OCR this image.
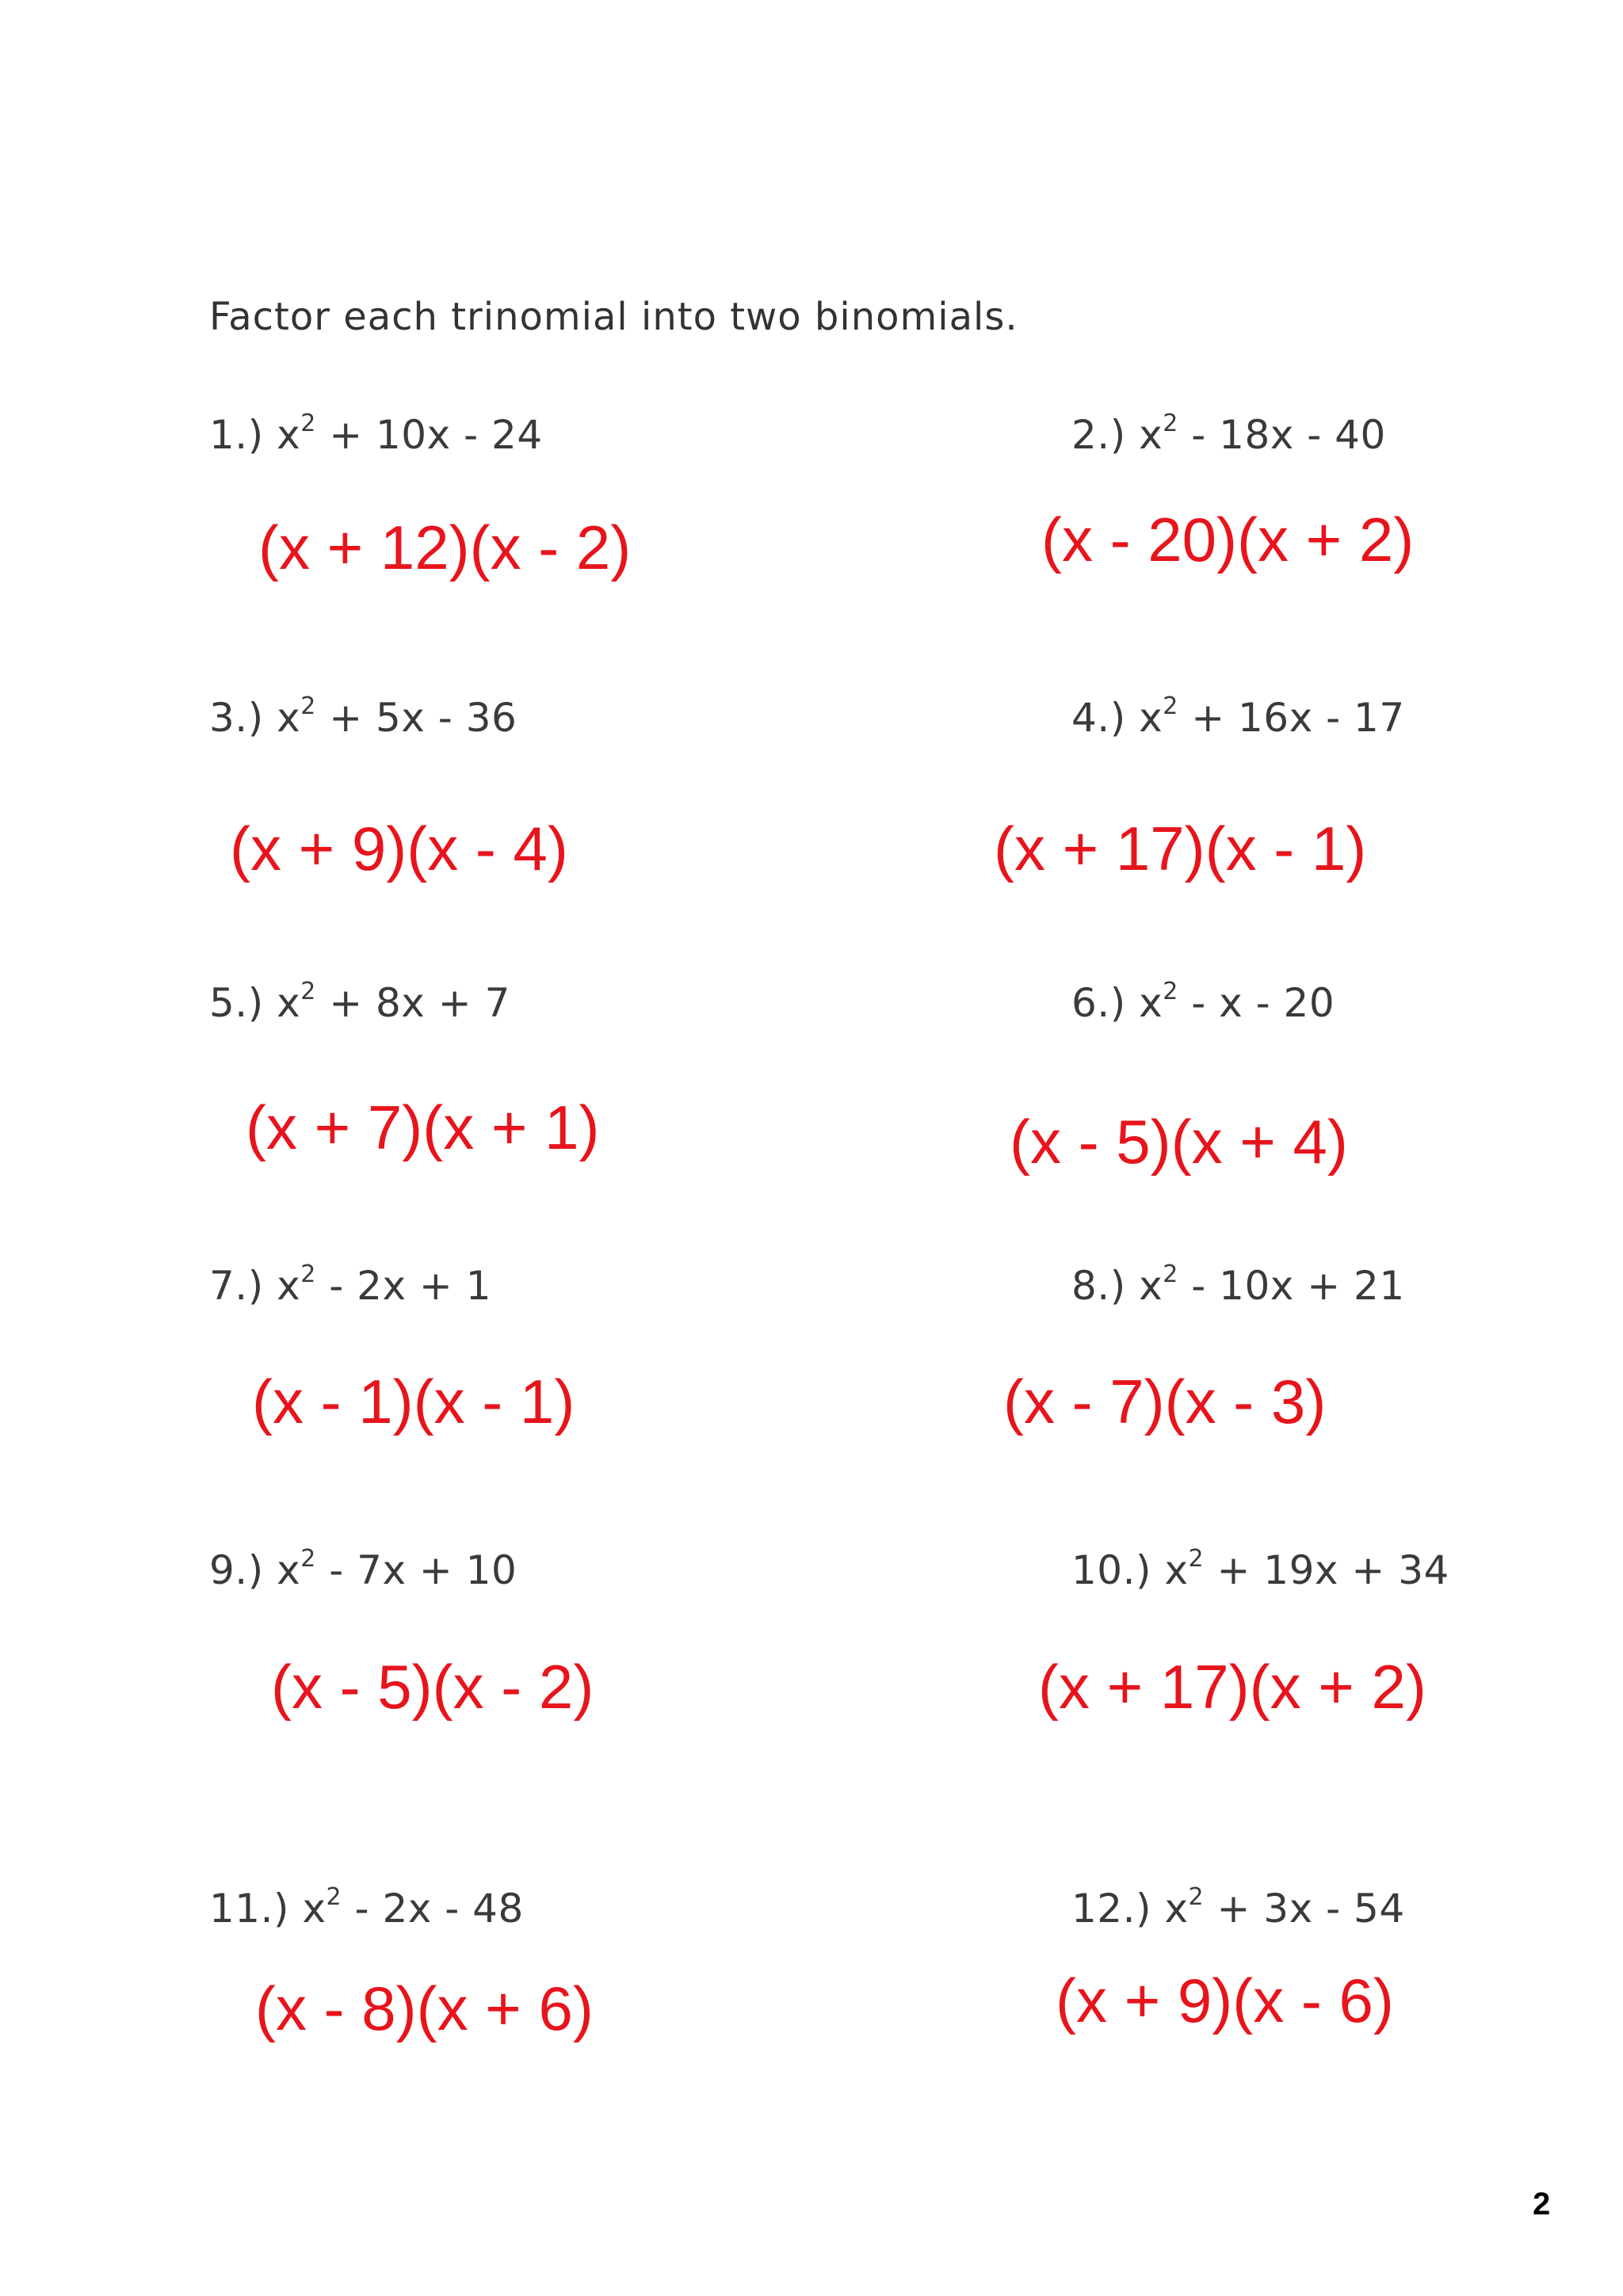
Factor each trinomial into two binomials.
1.) $x^2 + 10x - 24$
(x + 12)(x - 2)
2.) $x^2 - 18x - 40$
(x - 20)(x + 2)
3.) $x^2 + 5x - 36$
(x + 9)(x - 4)
4.) $x^2 + 16x - 17$
(x + 17)(x - 1)
5.) $x^2 + 8x + 7$
(x + 7)(x + 1)
6.) $x^2$ - x - 20
(x - 5)(x + 4)
7.) $x^2 - 2x + 1$
(x - 1)(x - 1)
8.) $x^2 - 10x + 21$
(x - 7)(x - 3)
9.) $x^2 - 7x + 10$
(x - 5)(x - 2)
10.) $x^2 + 19x + 34$
(x + 17)(x + 2)
11.) $x^2 - 2x - 48$
(x - 8)(x + 6)
12.) $x^2 + 3x - 54$
(x + 9)(x - 6)
2
